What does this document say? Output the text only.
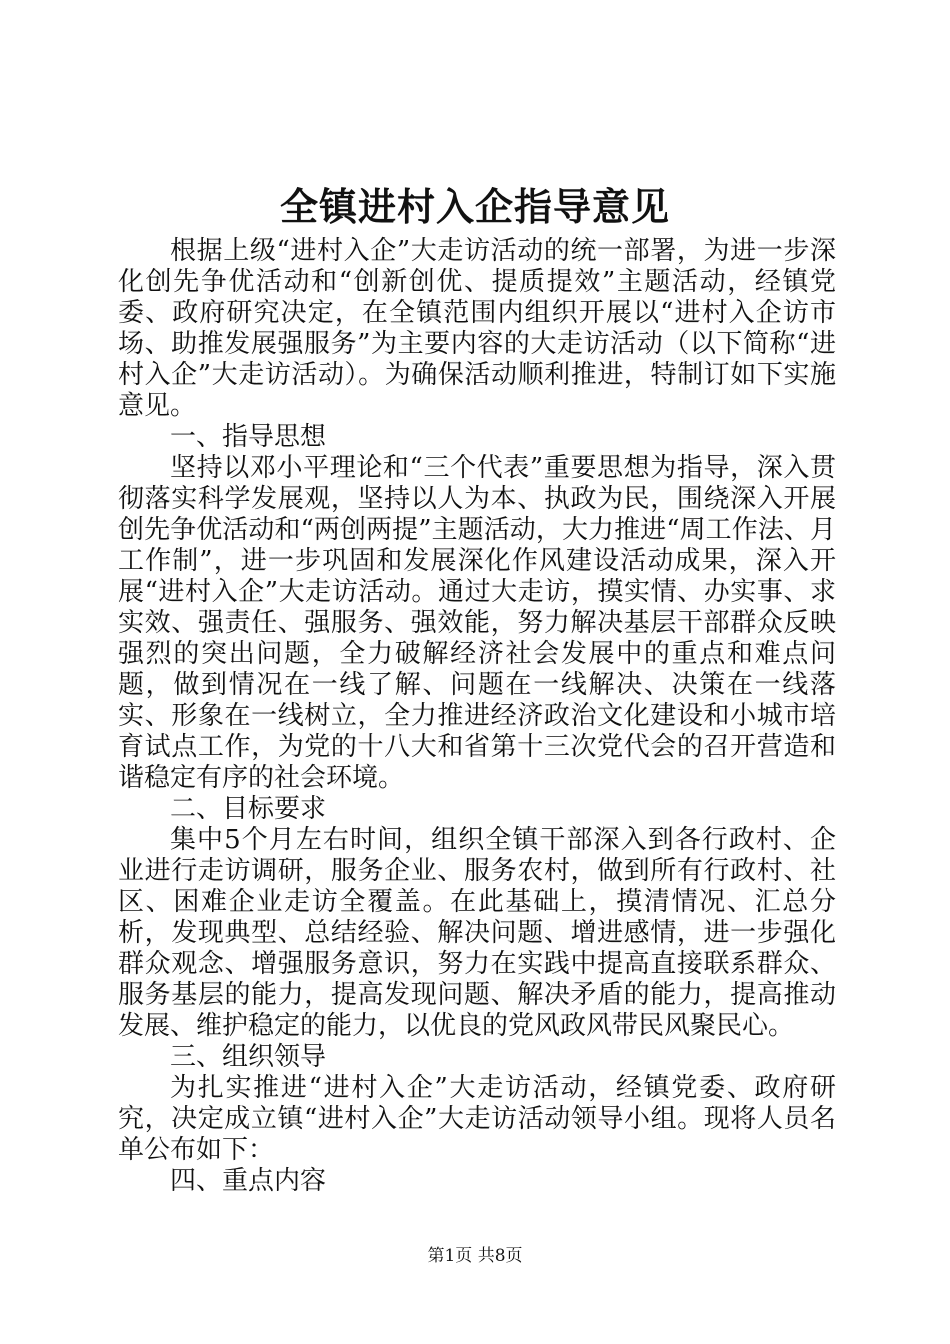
全镇进村入企指导意见

根据上级“进村入企”大走访活动的统一部署，为进一步深化创先争优活动和“创新创优、提质提效”主题活动，经镇党委、政府研究决定，在全镇范围内组织开展以“进村入企访市场、助推发展强服务”为主要内容的大走访活动（以下简称“进村入企”大走访活动）。为确保活动顺利推进，特制订如下实施意见。

一、指导思想

坚持以邓小平理论和“三个代表”重要思想为指导，深入贯彻落实科学发展观，坚持以人为本、执政为民，围绕深入开展创先争优活动和“两创两提”主题活动，大力推进“周工作法、月工作制”，进一步巩固和发展深化作风建设活动成果，深入开展“进村入企”大走访活动。通过大走访，摸实情、办实事、求实效、强责任、强服务、强效能，努力解决基层干部群众反映强烈的突出问题，全力破解经济社会发展中的重点和难点问题，做到情况在一线了解、问题在一线解决、决策在一线落实、形象在一线树立，全力推进经济政治文化建设和小城市培育试点工作，为党的十八大和省第十三次党代会的召开营造和谐稳定有序的社会环境。

二、目标要求

集中5个月左右时间，组织全镇干部深入到各行政村、企业进行走访调研，服务企业、服务农村，做到所有行政村、社区、困难企业走访全覆盖。在此基础上，摸清情况、汇总分析，发现典型、总结经验、解决问题、增进感情，进一步强化群众观念、增强服务意识，努力在实践中提高直接联系群众、服务基层的能力，提高发现问题、解决矛盾的能力，提高推动发展、维护稳定的能力，以优良的党风政风带民风聚民心。

三、组织领导

为扎实推进“进村入企”大走访活动，经镇党委、政府研究，决定成立镇“进村入企”大走访活动领导小组。现将人员名单公布如下：

四、重点内容

第1页 共8页
